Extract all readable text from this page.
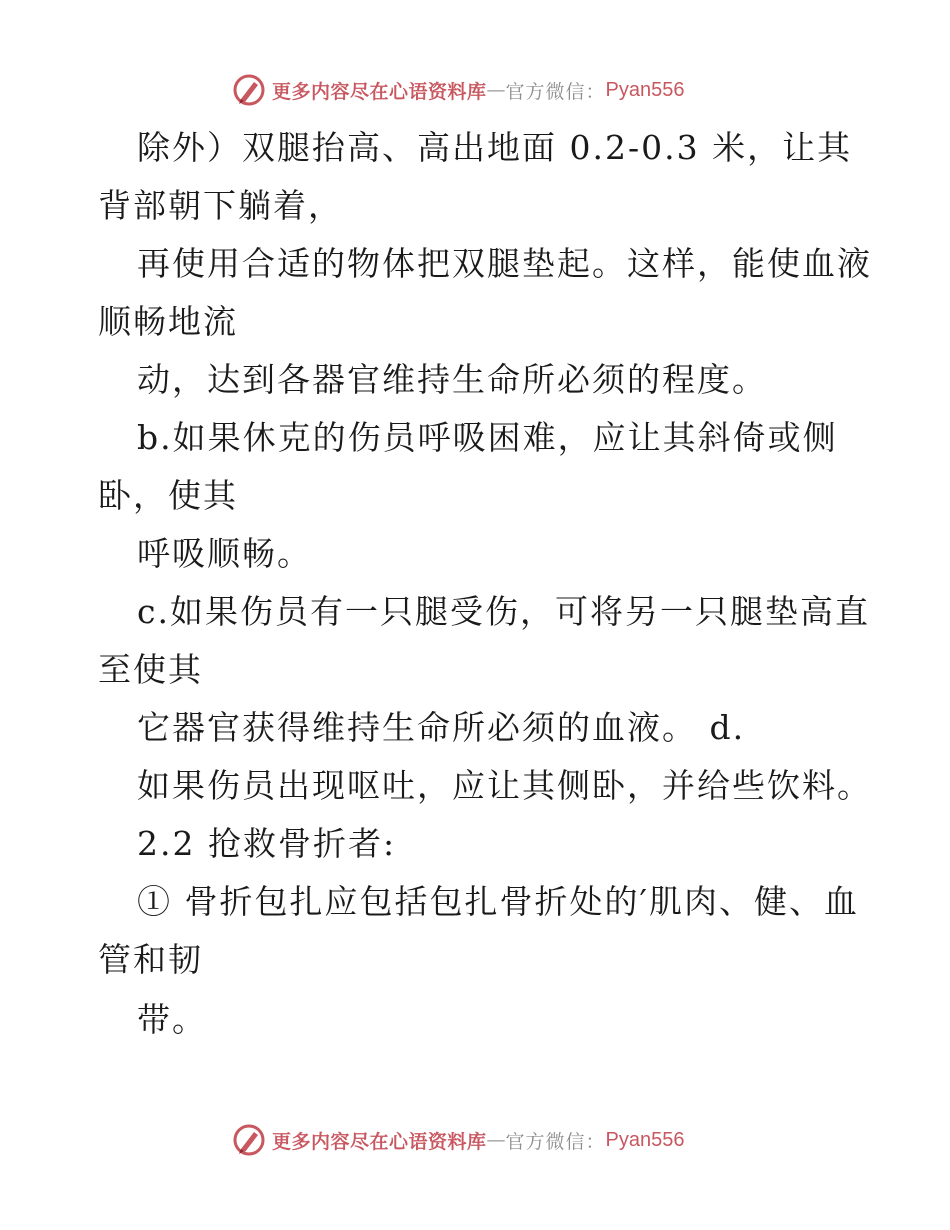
更多内容尽在心语资料库 — 官方微信： Pyan556
除外）双腿抬高、高出地面 0.2-0.3 米，让其
背部朝下躺着，
再使用合适的物体把双腿垫起。这样，能使血液
顺畅地流
动，达到各器官维持生命所必须的程度。
b.如果休克的伤员呼吸困难，应让其斜倚或侧
卧，使其
呼吸顺畅。
c.如果伤员有一只腿受伤，可将另一只腿垫高直
至使其
它器官获得维持生命所必须的血液。 d.
如果伤员出现呕吐，应让其侧卧，并给些饮料。
2.2 抢救骨折者:
① 骨折包扎应包括包扎骨折处的′肌肉、健、血
管和韧
带。
更多内容尽在心语资料库 — 官方微信： Pyan556
